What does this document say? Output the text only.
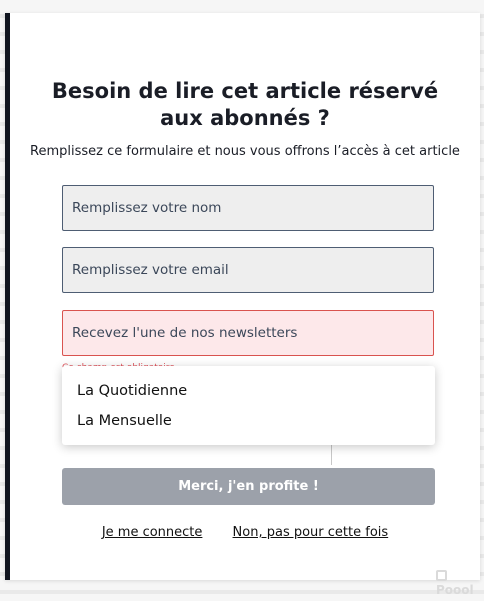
Besoin de lire cet article réservé aux abonnés ?
Remplissez ce formulaire et nous vous offrons l’accès à cet article
Remplissez votre nom
Remplissez votre email
Recevez l'une de nos newsletters
La Quotidienne
La Mensuelle
Merci, j'en profite !
Je me connecte Non, pas pour cette fois
Poool
